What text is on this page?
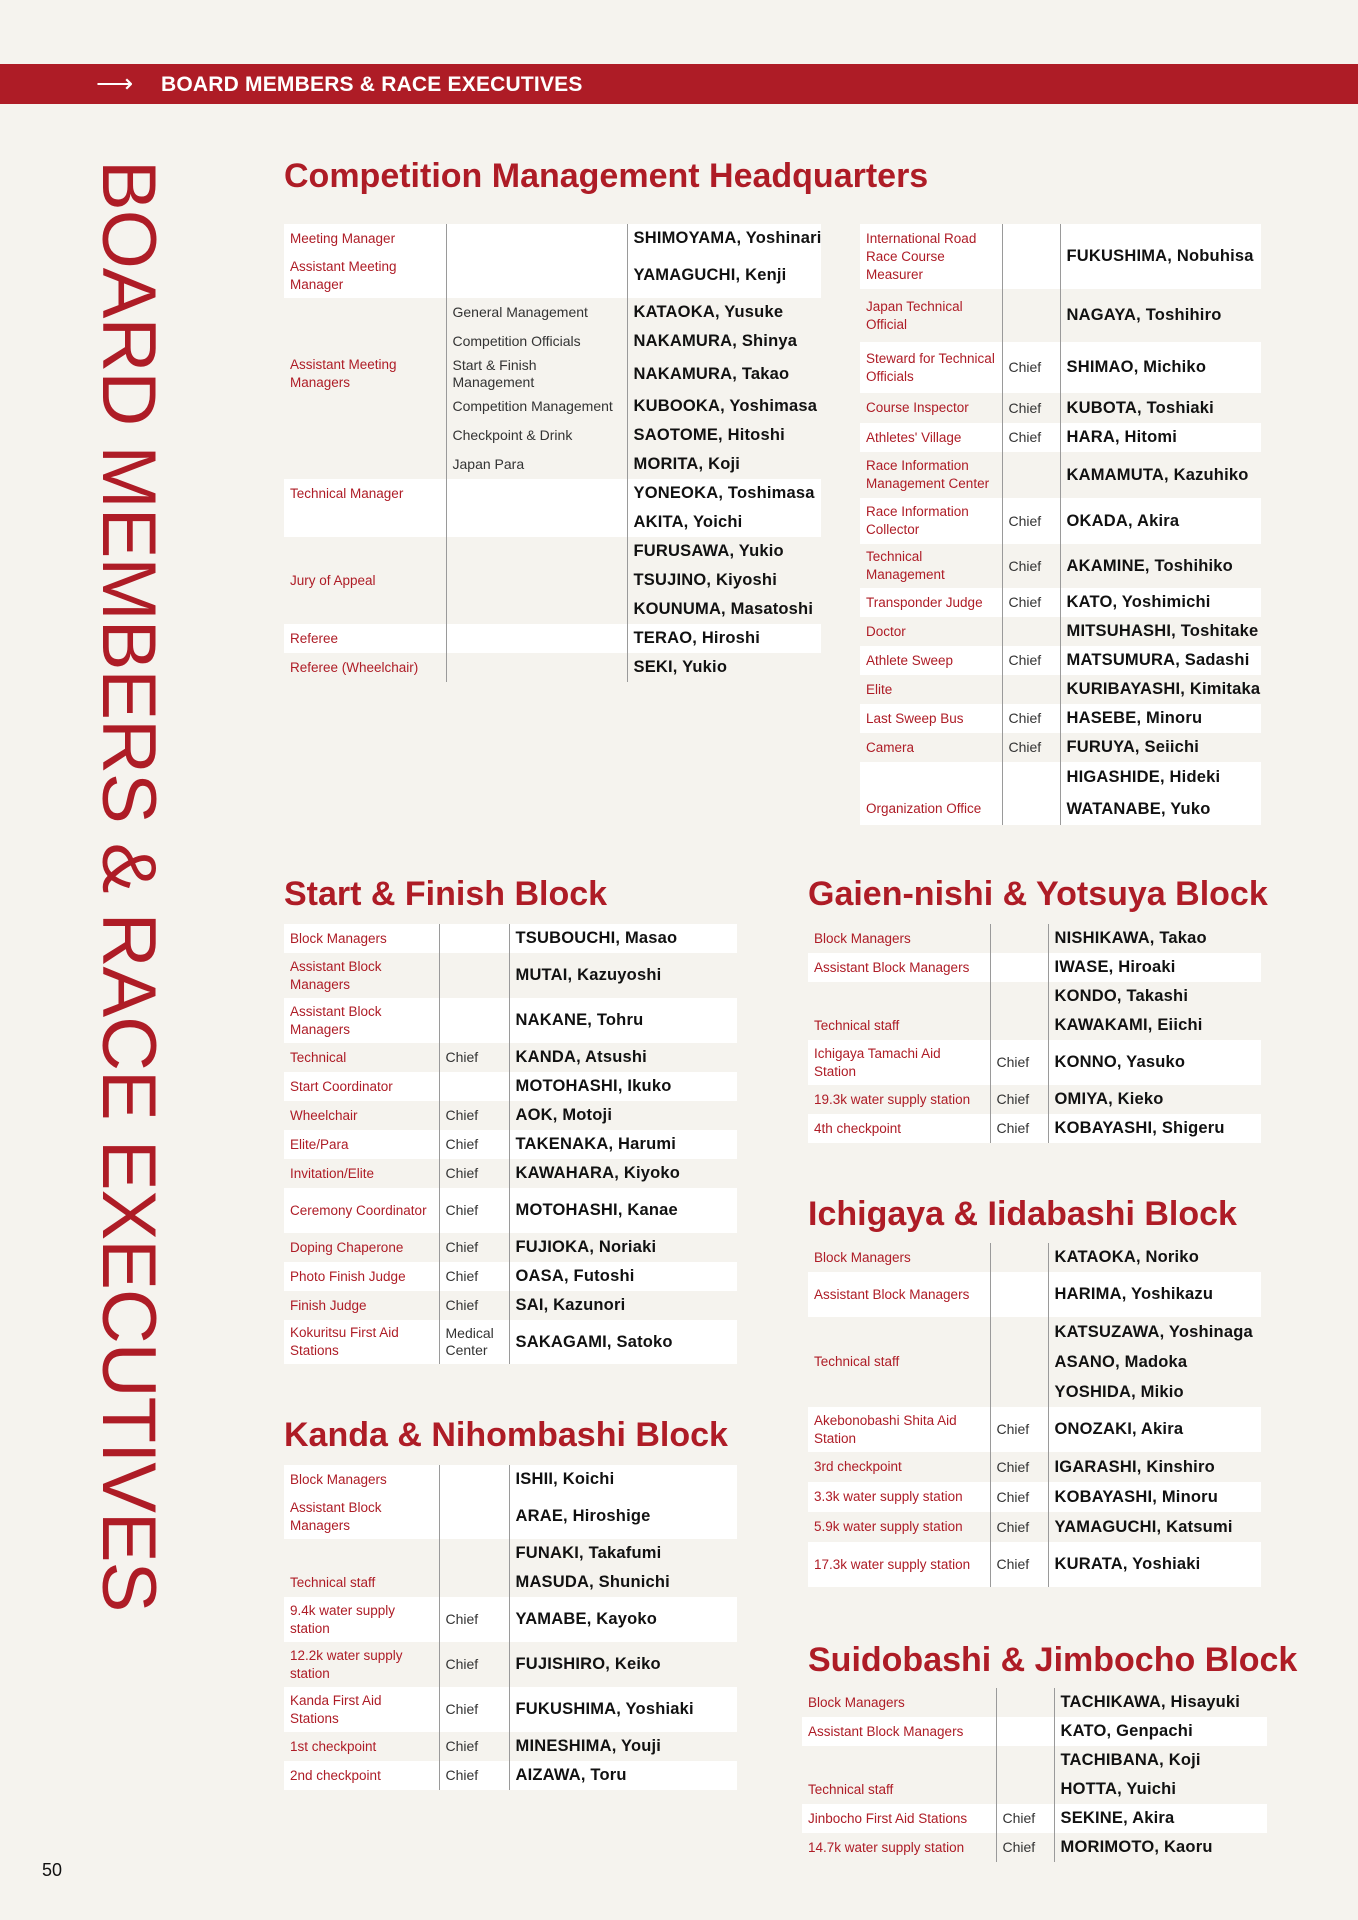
⟶ BOARD MEMBERS & RACE EXECUTIVES
BOARD MEMBERS & RACE EXECUTIVES	Competition Management Headquarters
Meeting Manager		SHIMOYAMA, Yoshinari
Assistant Meeting Manager		YAMAGUCHI, Kenji
	General Management	KATAOKA, Yusuke
	Competition Officials	NAKAMURA, Shinya
Assistant Meeting Managers	Start & Finish Management	NAKAMURA, Takao
	Competition Management	KUBOOKA, Yoshimasa
	Checkpoint & Drink	SAOTOME, Hitoshi
	Japan Para	MORITA, Koji
Technical Manager		YONEOKA, Toshimasa
		AKITA, Yoichi
		FURUSAWA, Yukio
Jury of Appeal		TSUJINO, Kiyoshi
		KOUNUMA, Masatoshi
Referee		TERAO, Hiroshi
Referee (Wheelchair)		SEKI, Yukio
International Road Race Course Measurer		FUKUSHIMA, Nobuhisa
Japan Technical Official		NAGAYA, Toshihiro
Steward for Technical Officials	Chief	SHIMAO, Michiko
Course Inspector	Chief	KUBOTA, Toshiaki
Athletes' Village	Chief	HARA, Hitomi
Race Information Management Center		KAMAMUTA, Kazuhiko
Race Information Collector	Chief	OKADA, Akira
Technical Management	Chief	AKAMINE, Toshihiko
Transponder Judge	Chief	KATO, Yoshimichi
Doctor		MITSUHASHI, Toshitake
Athlete Sweep	Chief	MATSUMURA, Sadashi
Elite		KURIBAYASHI, Kimitaka
Last Sweep Bus	Chief	HASEBE, Minoru
Camera	Chief	FURUYA, Seiichi
		HIGASHIDE, Hideki
Organization Office		WATANABE, Yuko
Start & Finish Block
Block Managers		TSUBOUCHI, Masao
Assistant Block Managers		MUTAI, Kazuyoshi
Assistant Block Managers		NAKANE, Tohru
Technical	Chief	KANDA, Atsushi
Start Coordinator		MOTOHASHI, Ikuko
Wheelchair	Chief	AOK, Motoji
Elite/Para	Chief	TAKENAKA, Harumi
Invitation/Elite	Chief	KAWAHARA, Kiyoko
Ceremony Coordinator	Chief	MOTOHASHI, Kanae
Doping Chaperone	Chief	FUJIOKA, Noriaki
Photo Finish Judge	Chief	OASA, Futoshi
Finish Judge	Chief	SAI, Kazunori
Kokuritsu First Aid Stations	Medical Center	SAKAGAMI, Satoko
Kanda & Nihombashi Block
Block Managers		ISHII, Koichi
Assistant Block Managers		ARAE, Hiroshige
		FUNAKI, Takafumi
Technical staff		MASUDA, Shunichi
9.4k water supply station	Chief	YAMABE, Kayoko
12.2k water supply station	Chief	FUJISHIRO, Keiko
Kanda First Aid Stations	Chief	FUKUSHIMA, Yoshiaki
1st checkpoint	Chief	MINESHIMA, Youji
2nd checkpoint	Chief	AIZAWA, Toru
Gaien-nishi & Yotsuya Block
Block Managers		NISHIKAWA, Takao
Assistant Block Managers		IWASE, Hiroaki
		KONDO, Takashi
Technical staff		KAWAKAMI, Eiichi
Ichigaya Tamachi Aid Station	Chief	KONNO, Yasuko
19.3k water supply station	Chief	OMIYA, Kieko
4th checkpoint	Chief	KOBAYASHI, Shigeru
Ichigaya & Iidabashi Block
Block Managers		KATAOKA, Noriko
Assistant Block Managers		HARIMA, Yoshikazu
		KATSUZAWA, Yoshinaga
Technical staff		ASANO, Madoka
		YOSHIDA, Mikio
Akebonobashi Shita Aid Station	Chief	ONOZAKI, Akira
3rd checkpoint	Chief	IGARASHI, Kinshiro
3.3k water supply station	Chief	KOBAYASHI, Minoru
5.9k water supply station	Chief	YAMAGUCHI, Katsumi
17.3k water supply station	Chief	KURATA, Yoshiaki
Suidobashi & Jimbocho Block
Block Managers		TACHIKAWA, Hisayuki
Assistant Block Managers		KATO, Genpachi
		TACHIBANA, Koji
Technical staff		HOTTA, Yuichi
Jinbocho First Aid Stations	Chief	SEKINE, Akira
14.7k water supply station	Chief	MORIMOTO, Kaoru
50
